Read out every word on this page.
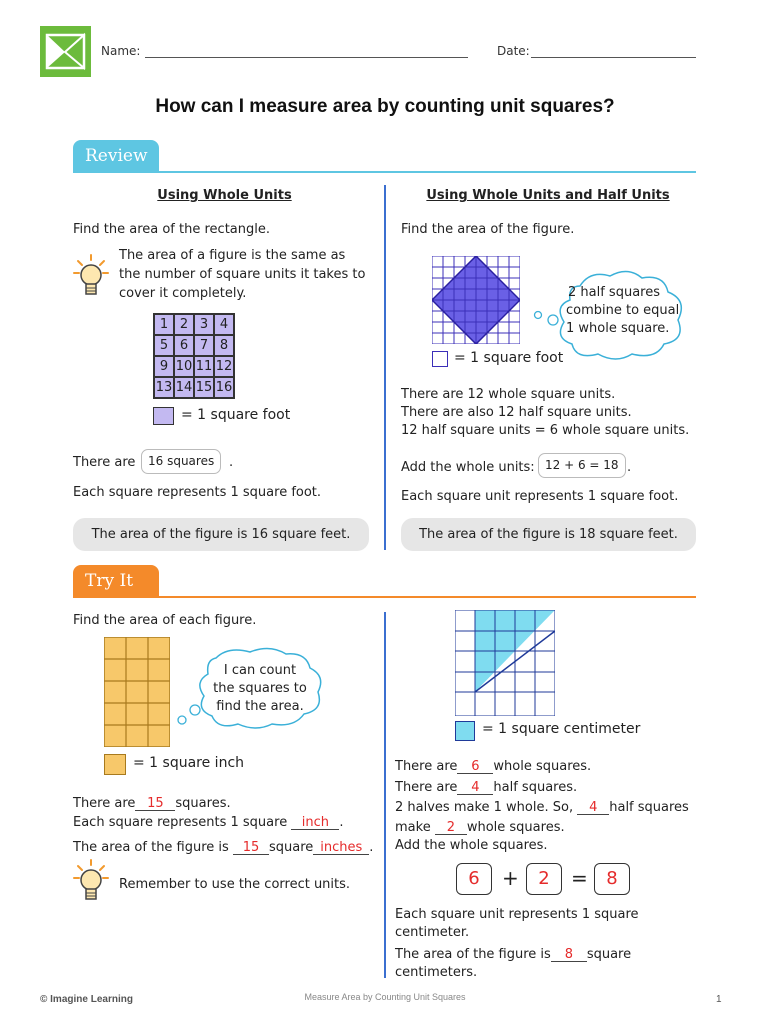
Name:	Date:
How can I measure area by counting unit squares?
Review
Using Whole Units
Find the area of the rectangle.
The area of a figure is the same as
the number of square units it takes to
cover it completely.
1 2 3 4
5 6 7 8
9 10 11 12
13 14 15 16
= 1 square foot
There are	16 squares	.
Each square represents 1 square foot.
The area of the figure is 16 square feet.
Using Whole Units and Half Units
Find the area of the figure.
2 half squares
combine to equal
1 whole square.
= 1 square foot
There are 12 whole square units.
There are also 12 half square units.
12 half square units = 6 whole square units.
Add the whole units: 12 + 6 = 18 .
Each square unit represents 1 square foot.
The area of the figure is 18 square feet.
Try It
Find the area of each figure.
I can count
the squares to
find the area.
= 1 square inch
There are 15 squares.
Each square represents 1 square inch .
The area of the figure is 15 square inches .
Remember to use the correct units.
= 1 square centimeter
There are 6 whole squares.
There are 4 half squares.
2 halves make 1 whole. So, 4 half squares
make 2 whole squares.
Add the whole squares.
6	+	2	=	8
Each square unit represents 1 square
centimeter.
The area of the figure is 8 square
centimeters.
© Imagine Learning	Measure Area by Counting Unit Squares	1
